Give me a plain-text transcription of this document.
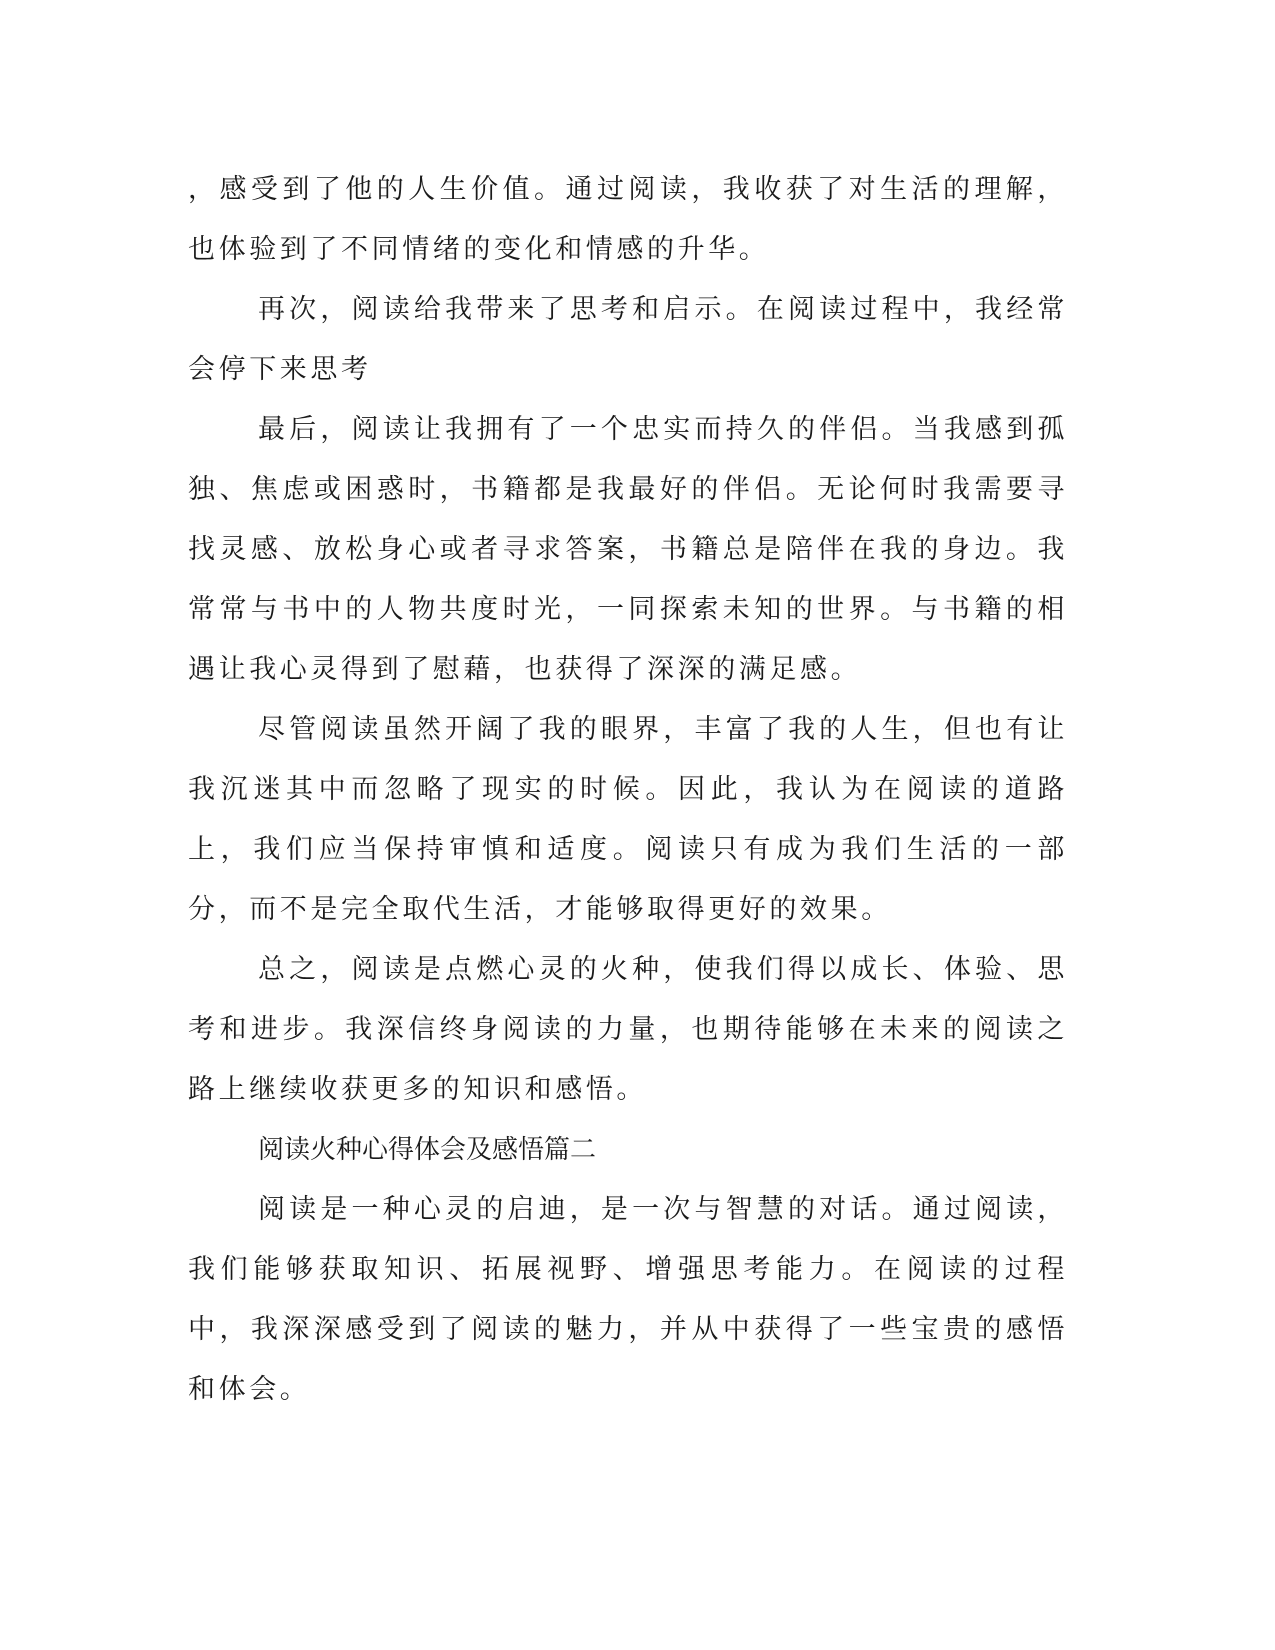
，感受到了他的人生价值。通过阅读，我收获了对生活的理解，也体验到了不同情绪的变化和情感的升华。

再次，阅读给我带来了思考和启示。在阅读过程中，我经常会停下来思考

最后，阅读让我拥有了一个忠实而持久的伴侣。当我感到孤独、焦虑或困惑时，书籍都是我最好的伴侣。无论何时我需要寻找灵感、放松身心或者寻求答案，书籍总是陪伴在我的身边。我常常与书中的人物共度时光，一同探索未知的世界。与书籍的相遇让我心灵得到了慰藉，也获得了深深的满足感。

尽管阅读虽然开阔了我的眼界，丰富了我的人生，但也有让我沉迷其中而忽略了现实的时候。因此，我认为在阅读的道路上，我们应当保持审慎和适度。阅读只有成为我们生活的一部分，而不是完全取代生活，才能够取得更好的效果。

总之，阅读是点燃心灵的火种，使我们得以成长、体验、思考和进步。我深信终身阅读的力量，也期待能够在未来的阅读之路上继续收获更多的知识和感悟。

阅读火种心得体会及感悟篇二

阅读是一种心灵的启迪，是一次与智慧的对话。通过阅读，我们能够获取知识、拓展视野、增强思考能力。在阅读的过程中，我深深感受到了阅读的魅力，并从中获得了一些宝贵的感悟和体会。
